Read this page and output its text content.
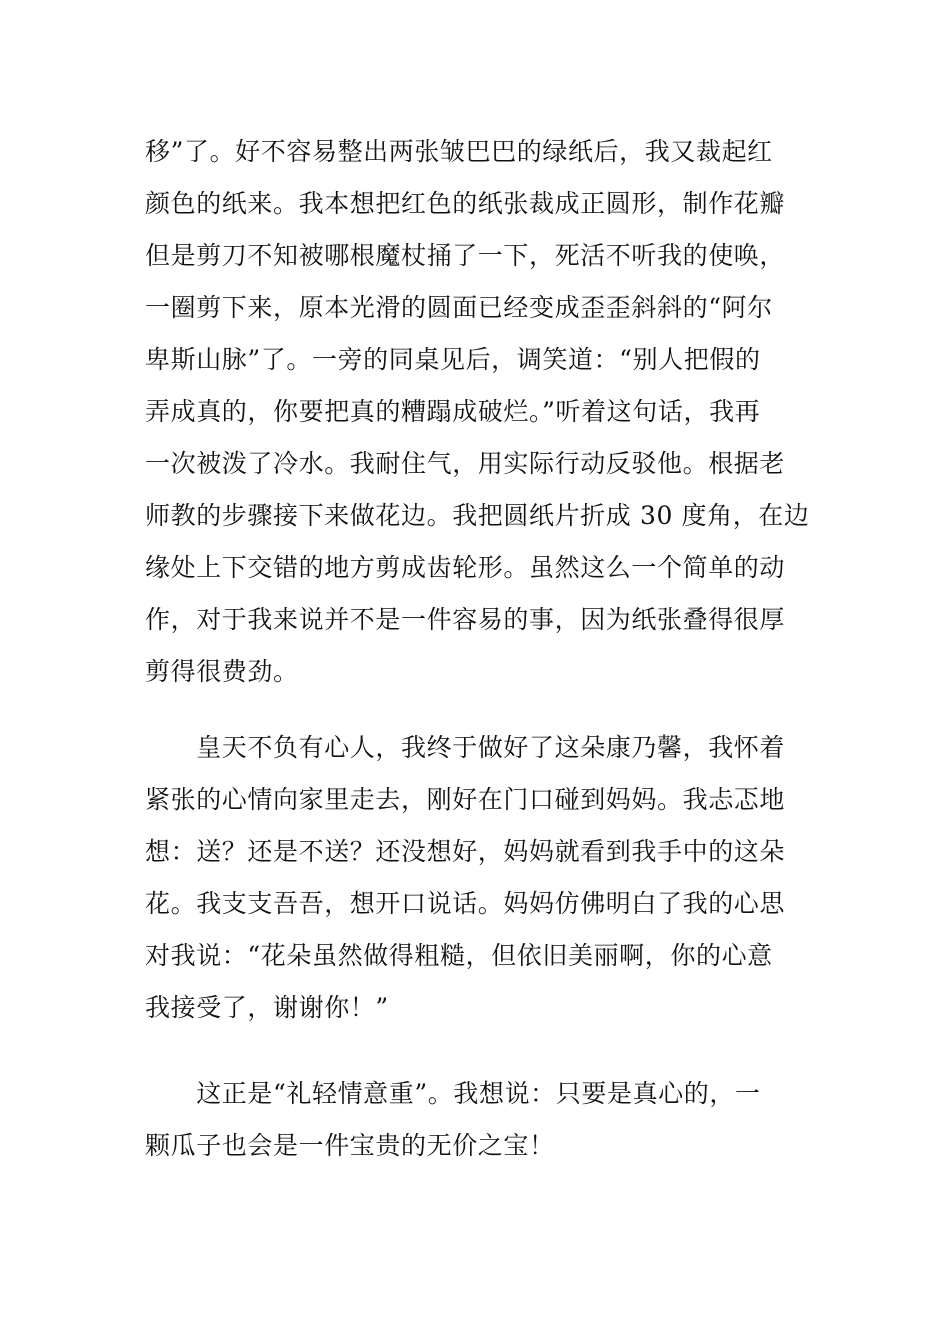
移”了。好不容易整出两张皱巴巴的绿纸后，我又裁起红
颜色的纸来。我本想把红色的纸张裁成正圆形，制作花瓣
但是剪刀不知被哪根魔杖捅了一下，死活不听我的使唤，
一圈剪下来，原本光滑的圆面已经变成歪歪斜斜的“阿尔
卑斯山脉”了。一旁的同桌见后，调笑道：“别人把假的
弄成真的，你要把真的糟蹋成破烂。”听着这句话，我再
一次被泼了冷水。我耐住气，用实际行动反驳他。根据老
师教的步骤接下来做花边。我把圆纸片折成 30 度角，在边
缘处上下交错的地方剪成齿轮形。虽然这么一个简单的动
作，对于我来说并不是一件容易的事，因为纸张叠得很厚
剪得很费劲。
　　皇天不负有心人，我终于做好了这朵康乃馨，我怀着
紧张的心情向家里走去，刚好在门口碰到妈妈。我忐忑地
想：送？还是不送？还没想好，妈妈就看到我手中的这朵
花。我支支吾吾，想开口说话。妈妈仿佛明白了我的心思
对我说：“花朵虽然做得粗糙，但依旧美丽啊，你的心意
我接受了，谢谢你！”
　　这正是“礼轻情意重”。我想说：只要是真心的，一
颗瓜子也会是一件宝贵的无价之宝！
